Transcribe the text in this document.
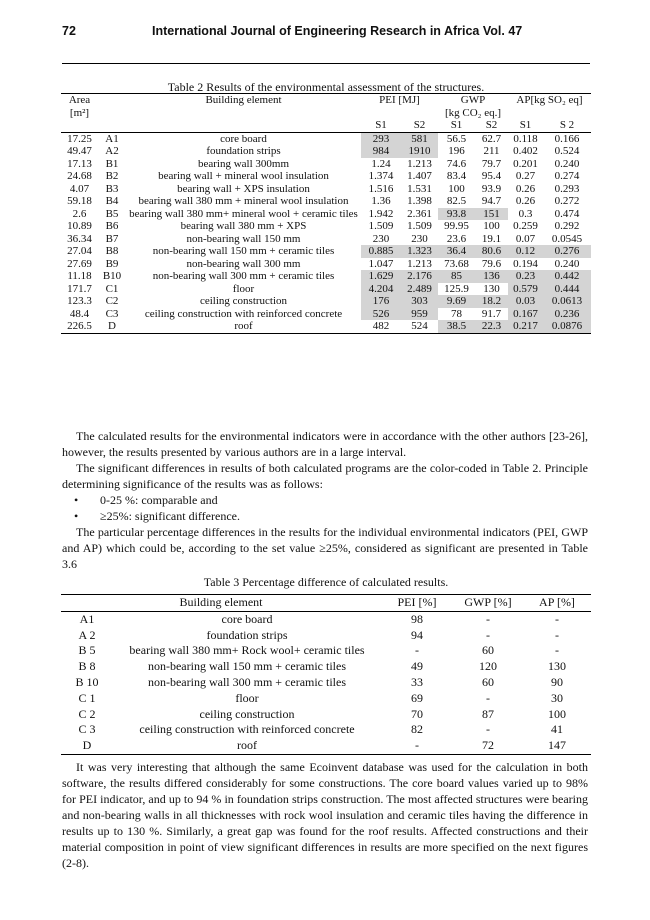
72	International Journal of Engineering Research in Africa Vol. 47
Table 2 Results of the environmental assessment of the structures.
Area		Building element	PEI [MJ]		GWP		AP[kg SO₂ eq]	
[m²]					[kg CO₂ eq.]			
			S1	S2	S1	S2	S1	S 2
17.25	A1	core board	293	581	56.5	62.7	0.118	0.166
49.47	A2	foundation strips	984	1910	196	211	0.402	0.524
17.13	B1	bearing wall 300mm	1.24	1.213	74.6	79.7	0.201	0.240
24.68	B2	bearing wall + mineral wool insulation	1.374	1.407	83.4	95.4	0.27	0.274
4.07	B3	bearing wall + XPS insulation	1.516	1.531	100	93.9	0.26	0.293
59.18	B4	bearing wall 380 mm + mineral wool insulation	1.36	1.398	82.5	94.7	0.26	0.272
2.6	B5	bearing wall 380 mm+ mineral wool + ceramic tiles	1.942	2.361	93.8	151	0.3	0.474
10.89	B6	bearing wall 380 mm + XPS	1.509	1.509	99.95	100	0.259	0.292
36.34	B7	non-bearing wall 150 mm	230	230	23.6	19.1	0.07	0.0545
27.04	B8	non-bearing wall 150 mm + ceramic tiles	0.885	1.323	36.4	80.6	0.12	0.276
27.69	B9	non-bearing wall 300 mm	1.047	1.213	73.68	79.6	0.194	0.240
11.18	B10	non-bearing wall 300 mm + ceramic tiles	1.629	2.176	85	136	0.23	0.442
171.7	C1	floor	4.204	2.489	125.9	130	0.579	0.444
123.3	C2	ceiling construction	176	303	9.69	18.2	0.03	0.0613
48.4	C3	ceiling construction with reinforced concrete	526	959	78	91.7	0.167	0.236
226.5	D	roof	482	524	38.5	22.3	0.217	0.0876

The calculated results for the environmental indicators were in accordance with the other authors [23-26], however, the results presented by various authors are in a large interval.

The significant differences in results of both calculated programs are the color-coded in Table 2. Principle determining significance of the results was as follows:

• 0-25 %: comparable and
• ≥25%: significant difference.

The particular percentage differences in the results for the individual environmental indicators (PEI, GWP and AP) which could be, according to the set value ≥25%, considered as significant are presented in Table 3.6

Table 3 Percentage difference of calculated results.
Building element		PEI [%]	GWP [%]	AP [%]
A1	core board	98	-	-
A 2	foundation strips	94	-	-
B 5	bearing wall 380 mm+ Rock wool+ ceramic tiles	-	60	-
B 8	non-bearing wall 150 mm + ceramic tiles	49	120	130
B 10	non-bearing wall 300 mm + ceramic tiles	33	60	90
C 1	floor	69	-	30
C 2	ceiling construction	70	87	100
C 3	ceiling construction with reinforced concrete	82	-	41
D	roof	-	72	147

It was very interesting that although the same Ecoinvent database was used for the calculation in both software, the results differed considerably for some constructions. The core board values varied up to 98% for PEI indicator, and up to 94 % in foundation strips construction. The most affected structures were bearing and non-bearing walls in all thicknesses with rock wool insulation and ceramic tiles having the difference in results up to 130 %. Similarly, a great gap was found for the roof results. Affected constructions and their material composition in point of view significant differences in results are more specified on the next figures (2-8).
